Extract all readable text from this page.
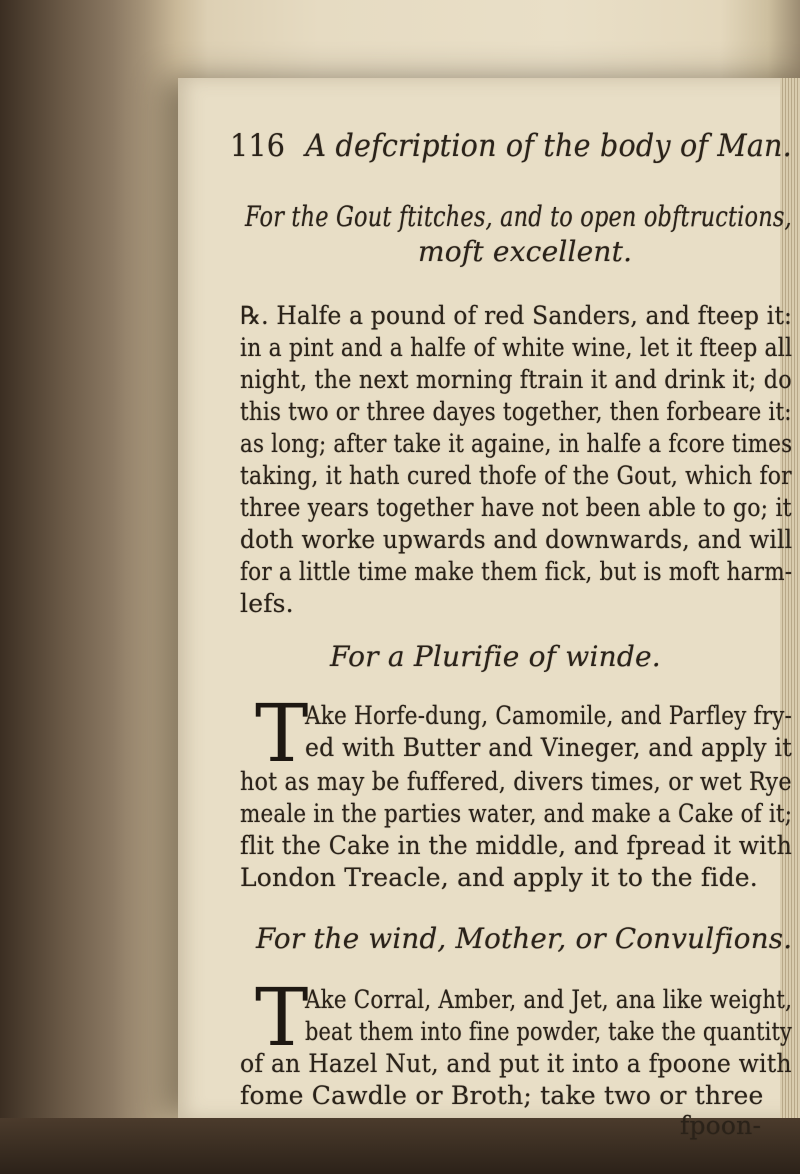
116 A defcription of the body of Man.
For the Gout ftitches, and to open obftructions,
moft excellent.
℞. Halfe a pound of red Sanders, and fteep it:
in a pint and a halfe of white wine, let it fteep all
night, the next morning ftrain it and drink it; do
this two or three dayes together, then forbeare it:
as long; after take it againe, in halfe a fcore times
taking, it hath cured thofe of the Gout, which for
three years together have not been able to go; it
doth worke upwards and downwards, and will
for a little time make them fick, but is moft harm-
lefs.
For a Plurifie of winde.
T
Ake Horfe-dung, Camomile, and Parfley fry-
ed with Butter and Vineger, and apply it
hot as may be fuffered, divers times, or wet Rye
meale in the parties water, and make a Cake of it;
flit the Cake in the middle, and fpread it with
London Treacle, and apply it to the fide.
For the wind, Mother, or Convulfions.
T
Ake Corral, Amber, and Jet, ana like weight,
beat them into fine powder, take the quantity
of an Hazel Nut, and put it into a fpoone with
fome Cawdle or Broth; take two or three
fpoon-
